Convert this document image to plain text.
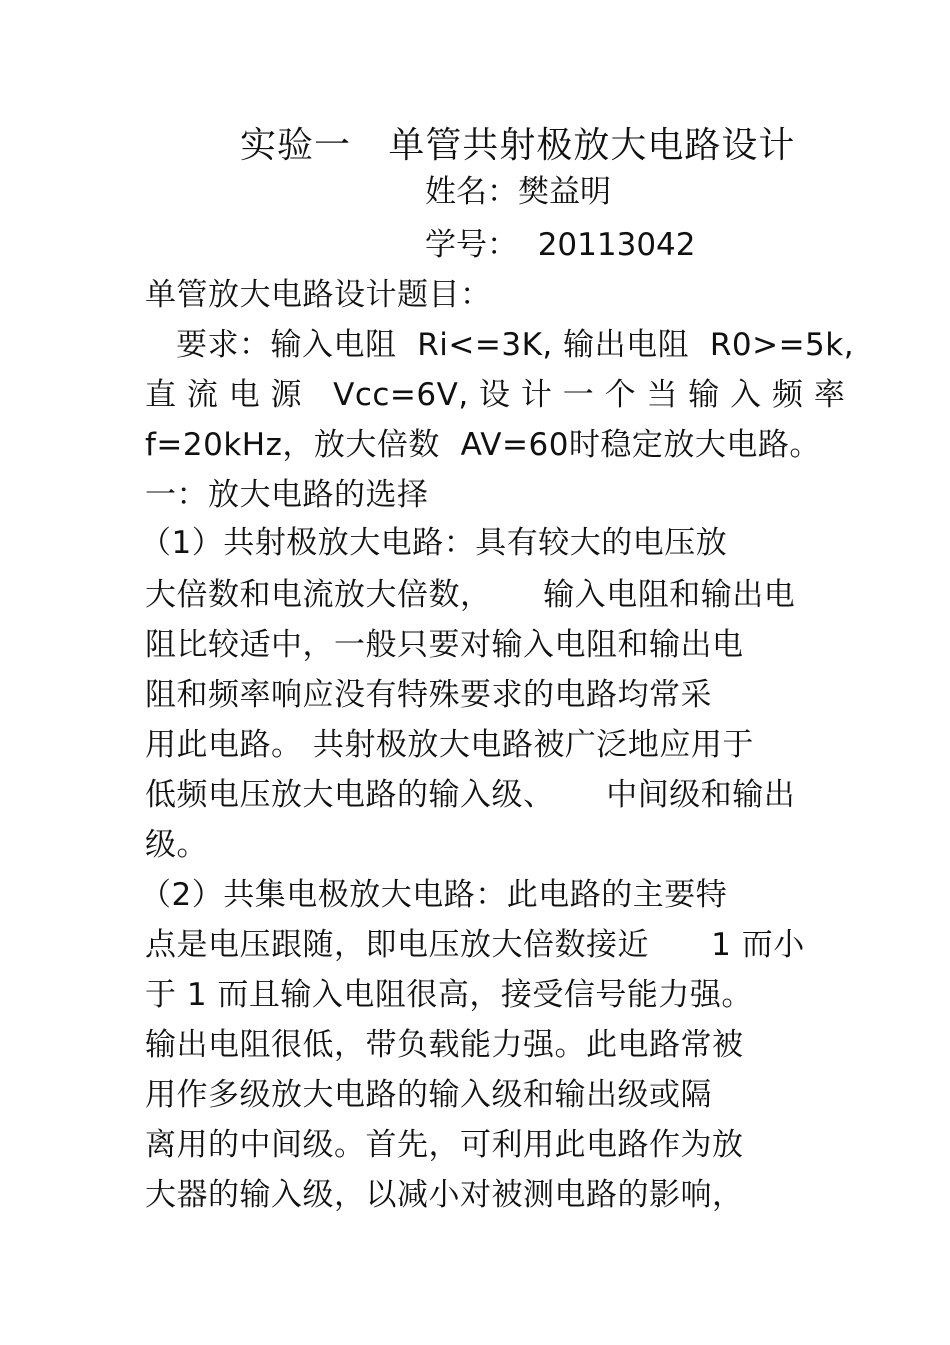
实验一   单管共射极放大电路设计
姓名：樊益明
学号：  20113042
单管放大电路设计题目：
要求：输入电阻  Ri<=3K, 输出电阻  R0>=5k,
直 流 电 源   Vcc=6V, 设 计 一 个 当 输 入 频 率
f=20kHz，放大倍数  AV=60时稳定放大电路。
一：放大电路的选择
（1）共射极放大电路：具有较大的电压放
大倍数和电流放大倍数，     输入电阻和输出电
阻比较适中，一般只要对输入电阻和输出电
阻和频率响应没有特殊要求的电路均常采
用此电路。 共射极放大电路被广泛地应用于
低频电压放大电路的输入级、     中间级和输出
级。
（2）共集电极放大电路：此电路的主要特
点是电压跟随，即电压放大倍数接近      1 而小
于 1 而且输入电阻很高，接受信号能力强。
输出电阻很低，带负载能力强。此电路常被
用作多级放大电路的输入级和输出级或隔
离用的中间级。首先，可利用此电路作为放
大器的输入级，以减小对被测电路的影响，
